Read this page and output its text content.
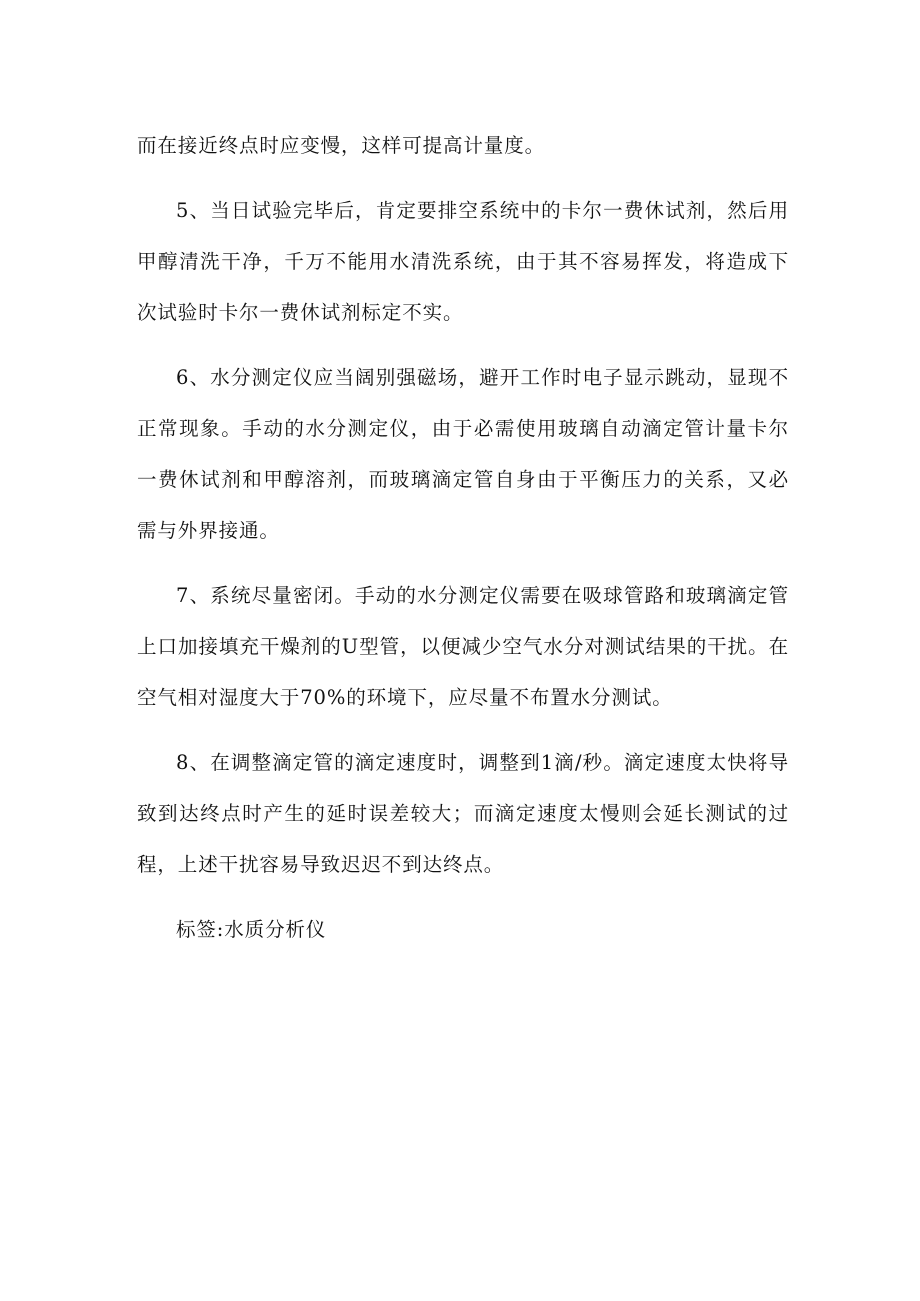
而在接近终点时应变慢，这样可提高计量度。

5、当日试验完毕后，肯定要排空系统中的卡尔一费休试剂，然后用甲醇清洗干净，千万不能用水清洗系统，由于其不容易挥发，将造成下次试验时卡尔一费休试剂标定不实。

6、水分测定仪应当阔别强磁场，避开工作时电子显示跳动，显现不正常现象。手动的水分测定仪，由于必需使用玻璃自动滴定管计量卡尔一费休试剂和甲醇溶剂，而玻璃滴定管自身由于平衡压力的关系，又必需与外界接通。

7、系统尽量密闭。手动的水分测定仪需要在吸球管路和玻璃滴定管上口加接填充干燥剂的U型管，以便减少空气水分对测试结果的干扰。在空气相对湿度大于70%的环境下，应尽量不布置水分测试。

8、在调整滴定管的滴定速度时，调整到1滴/秒。滴定速度太快将导致到达终点时产生的延时误差较大；而滴定速度太慢则会延长测试的过程，上述干扰容易导致迟迟不到达终点。

标签:水质分析仪
